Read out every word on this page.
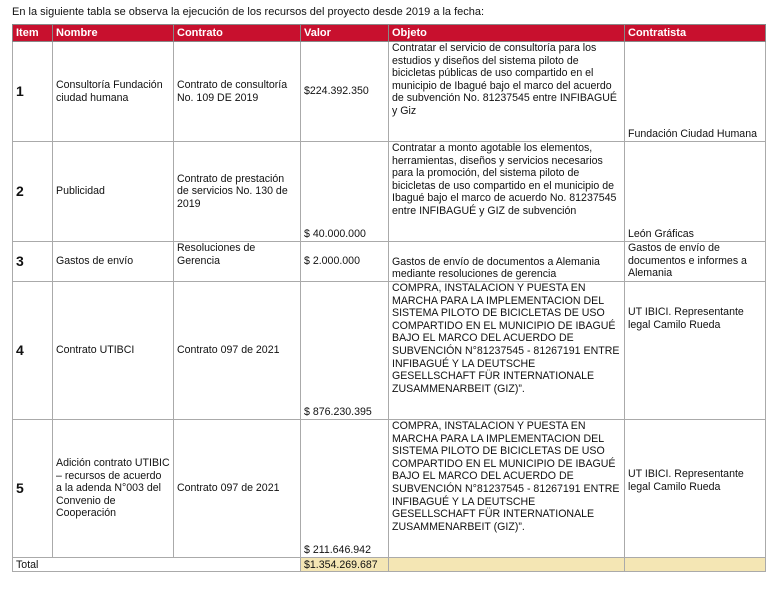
En la siguiente tabla se observa la ejecución de los recursos del proyecto desde 2019 a la fecha:
Item	Nombre	Contrato	Valor	Objeto	Contratista
1	Consultoría Fundación ciudad humana	Contrato de consultoría No. 109 DE 2019	$224.392.350	Contratar el servicio de consultoría para los estudios y diseños del sistema piloto de bicicletas públicas de uso compartido en el municipio de Ibagué bajo el marco del acuerdo de subvención No. 81237545 entre INFIBAGUÉ y Giz	Fundación Ciudad Humana
2	Publicidad	Contrato de prestación de servicios No. 130 de 2019	$ 40.000.000	Contratar a monto agotable los elementos, herramientas, diseños y servicios necesarios para la promoción, del sistema piloto de bicicletas de uso compartido en el municipio de Ibagué bajo el marco de acuerdo No. 81237545 entre INFIBAGUÉ y GIZ de subvención	León Gráficas
3	Gastos de envío	Resoluciones de Gerencia	$ 2.000.000	Gastos de envío de documentos a Alemania mediante resoluciones de gerencia	Gastos de envío de documentos e informes a Alemania
4	Contrato UTIBCI	Contrato 097 de 2021	$ 876.230.395	COMPRA, INSTALACION Y PUESTA EN MARCHA PARA LA IMPLEMENTACION DEL SISTEMA PILOTO DE BICICLETAS DE USO COMPARTIDO EN EL MUNICIPIO DE IBAGUÉ BAJO EL MARCO DEL ACUERDO DE SUBVENCIÓN N°81237545 - 81267191 ENTRE INFIBAGUÉ Y LA DEUTSCHE GESELLSCHAFT FÜR INTERNATIONALE ZUSAMMENARBEIT (GIZ)”.	UT IBICI. Representante legal Camilo Rueda
5	Adición contrato UTIBIC – recursos de acuerdo a la adenda N°003 del Convenio de Cooperación	Contrato 097 de 2021	$ 211.646.942	COMPRA, INSTALACION Y PUESTA EN MARCHA PARA LA IMPLEMENTACION DEL SISTEMA PILOTO DE BICICLETAS DE USO COMPARTIDO EN EL MUNICIPIO DE IBAGUÉ BAJO EL MARCO DEL ACUERDO DE SUBVENCIÓN N°81237545 - 81267191 ENTRE INFIBAGUÉ Y LA DEUTSCHE GESELLSCHAFT FÜR INTERNATIONALE ZUSAMMENARBEIT (GIZ)”.	UT IBICI. Representante legal Camilo Rueda
Total			$1.354.269.687		
